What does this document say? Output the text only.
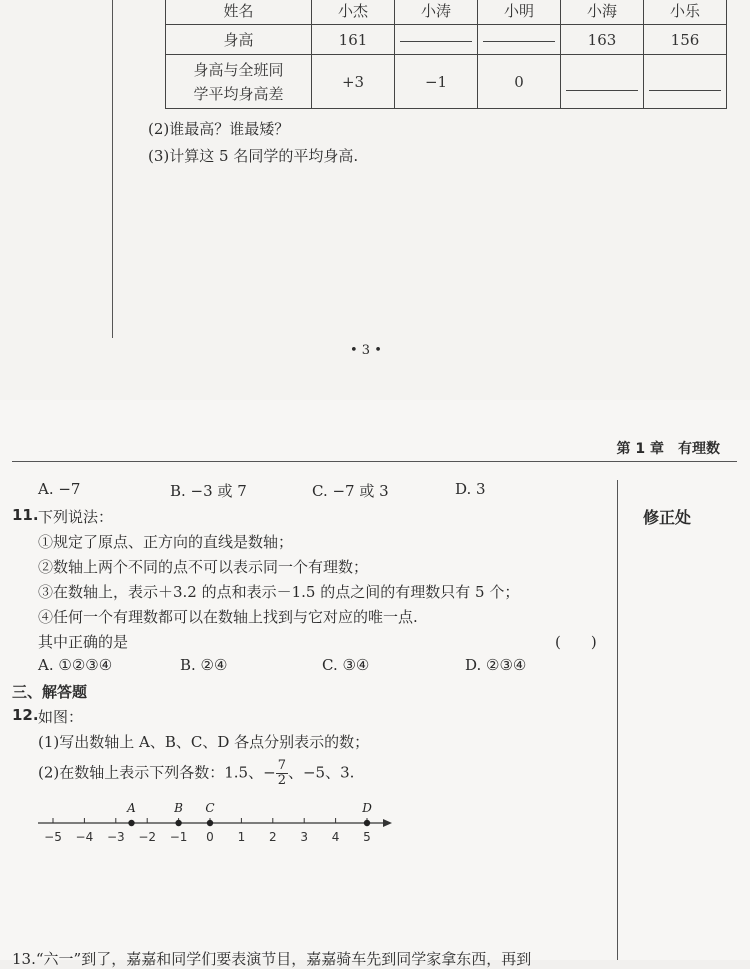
姓名	小杰	小涛	小明	小海	小乐
身高	161			163	156

身高与全班同
学平均身高差	+3	−1	0		
(2)谁最高？谁最矮？
(3)计算这 5 名同学的平均身高.
• 3 •
第 1 章　有理数
修正处
A. −7	B. −3 或 7	C. −7 或 3	D. 3
11. 下列说法：
①规定了原点、正方向的直线是数轴；
②数轴上两个不同的点不可以表示同一个有理数；
③在数轴上，表示＋3.2 的点和表示－1.5 的点之间的有理数只有 5 个；
④任何一个有理数都可以在数轴上找到与它对应的唯一点.
其中正确的是	(　　)
A. ①②③④	B. ②④	C. ③④	D. ②③④
三、解答题
12. 如图：
(1)写出数轴上 A、B、C、D 各点分别表示的数；
(2)在数轴上表示下列各数：1.5、− $\frac{7}{2}$ 、−5、3.
−5 −4 −3 −2 −1 0 1 2 3 4 5
A	B C	D
13.“六一”到了，嘉嘉和同学们要表演节目，嘉嘉骑车先到同学家拿东西，再到
